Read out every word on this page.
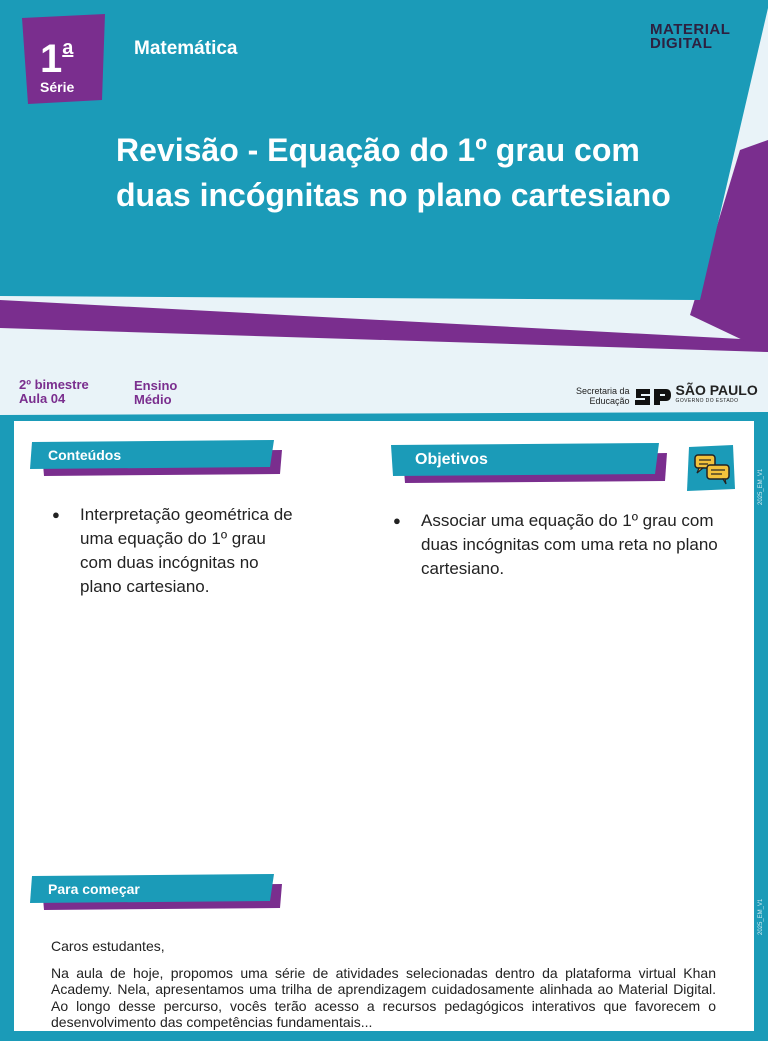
1$^a$
Série
Matemática
MATERIAL
DIGITAL
Revisão - Equação do 1º grau com duas incógnitas no plano cartesiano
2º bimestre
Aula 04
Ensino
Médio
Secretaria da
Educação
SÃO PAULO
GOVERNO DO ESTADO
2025_EM_V1
2025_EM_V1
Conteúdos
● Interpretação geométrica de uma equação do 1º grau com duas incógnitas no plano cartesiano.
Objetivos
● Associar uma equação do 1º grau com duas incógnitas com uma reta no plano cartesiano.
Para começar

Caros estudantes,

Na aula de hoje, propomos uma série de atividades selecionadas dentro da plataforma virtual Khan Academy. Nela, apresentamos uma trilha de aprendizagem cuidadosamente alinhada ao Material Digital. Ao longo desse percurso, vocês terão acesso a recursos pedagógicos interativos que favorecem o desenvolvimento das competências fundamentais...
